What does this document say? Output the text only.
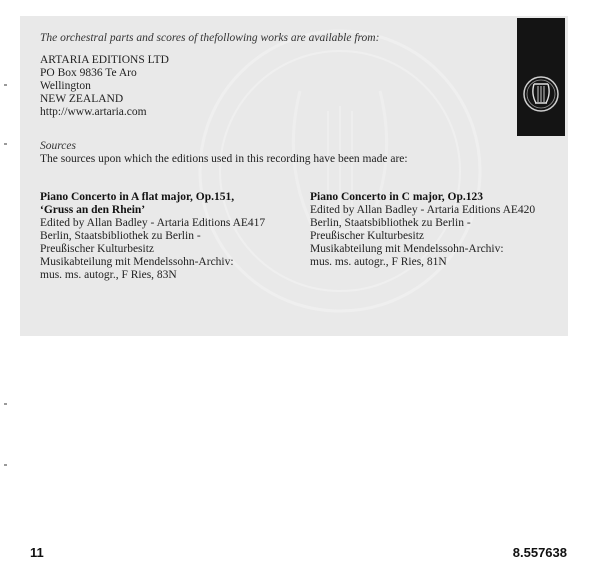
The orchestral parts and scores of thefollowing works are available from:
ARTARIA EDITIONS LTD
PO Box 9836 Te Aro
Wellington
NEW ZEALAND
http://www.artaria.com
Sources
The sources upon which the editions used in this recording have been made are:
Piano Concerto in A flat major, Op.151,
‘Gruss an den Rhein’
Edited by Allan Badley - Artaria Editions AE417
Berlin, Staatsbibliothek zu Berlin -
Preußischer Kulturbesitz
Musikabteilung mit Mendelssohn-Archiv:
mus. ms. autogr., F Ries, 83N
Piano Concerto in C major, Op.123
Edited by Allan Badley - Artaria Editions AE420
Berlin, Staatsbibliothek zu Berlin -
Preußischer Kulturbesitz
Musikabteilung mit Mendelssohn-Archiv:
mus. ms. autogr., F Ries, 81N
11	8.557638
